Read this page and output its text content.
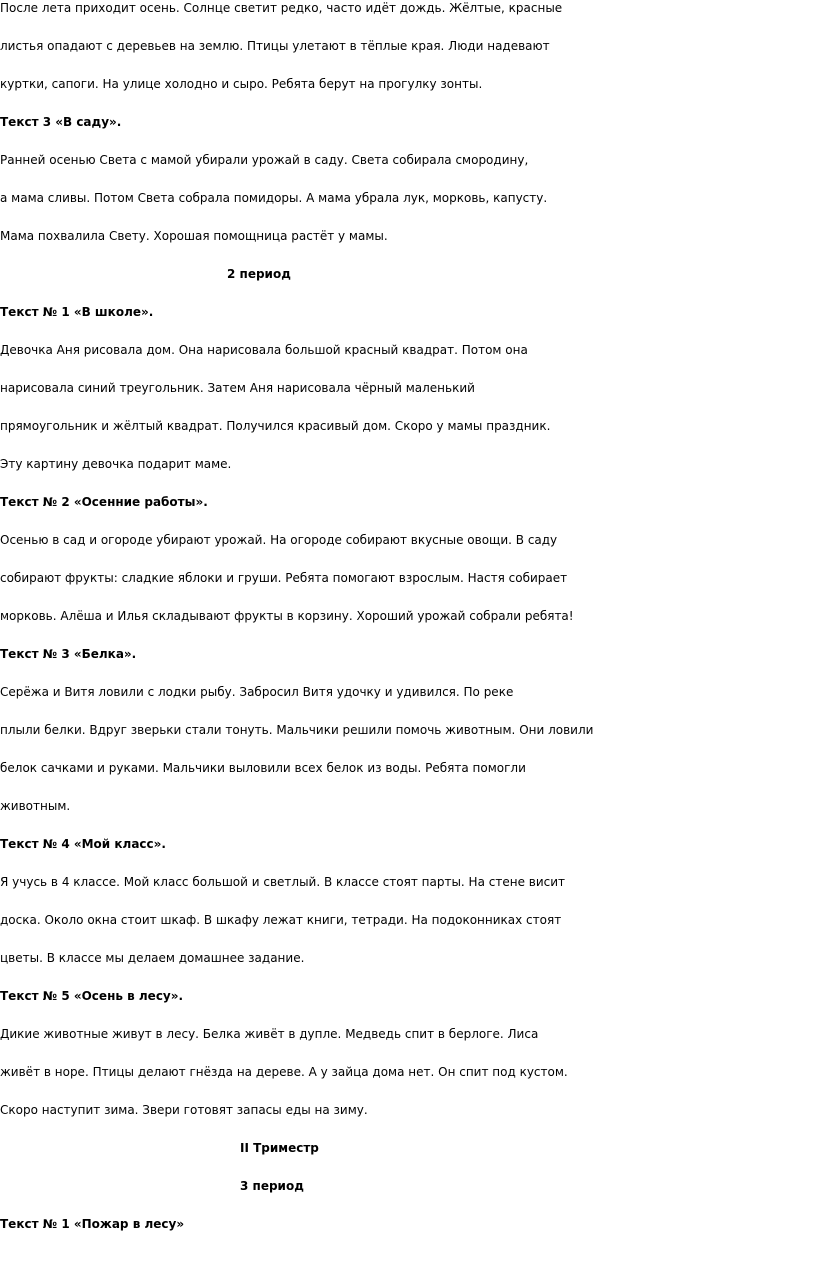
После лета приходит осень. Солнце светит редко, часто идёт дождь. Жёлтые, красные
листья опадают с деревьев на землю. Птицы улетают в тёплые края. Люди надевают
куртки, сапоги. На улице холодно и сыро. Ребята берут на прогулку зонты.
Текст 3 «В саду».
Ранней осенью Света с мамой убирали урожай в саду. Света собирала смородину,
а мама сливы. Потом Света собрала помидоры. А мама убрала лук, морковь, капусту.
Мама похвалила Свету. Хорошая помощница растёт у мамы.
2 период
Текст № 1 «В школе».
Девочка Аня рисовала дом. Она нарисовала большой красный квадрат. Потом она
нарисовала синий треугольник. Затем Аня нарисовала чёрный маленький
прямоугольник и жёлтый квадрат. Получился красивый дом. Скоро у мамы праздник.
Эту картину девочка подарит маме.
Текст № 2 «Осенние работы».
Осенью в сад и огороде убирают урожай. На огороде собирают вкусные овощи. В саду
собирают фрукты: сладкие яблоки и груши. Ребята помогают взрослым. Настя собирает
морковь. Алёша и Илья складывают фрукты в корзину. Хороший урожай собрали ребята!
Текст № 3 «Белка».
Серёжа и Витя ловили с лодки рыбу. Забросил Витя удочку и удивился. По реке
плыли белки. Вдруг зверьки стали тонуть. Мальчики решили помочь животным. Они ловили
белок сачками и руками. Мальчики выловили всех белок из воды. Ребята помогли
животным.
Текст № 4 «Мой класс».
Я учусь в 4 классе. Мой класс большой и светлый. В классе стоят парты. На стене висит
доска. Около окна стоит шкаф. В шкафу лежат книги, тетради. На подоконниках стоят
цветы. В классе мы делаем домашнее задание.
Текст № 5 «Осень в лесу».
Дикие животные живут в лесу. Белка живёт в дупле. Медведь спит в берлоге. Лиса
живёт в норе. Птицы делают гнёзда на дереве. А у зайца дома нет. Он спит под кустом.
Скоро наступит зима. Звери готовят запасы еды на зиму.
II Триместр
3 период
Текст № 1 «Пожар в лесу»
